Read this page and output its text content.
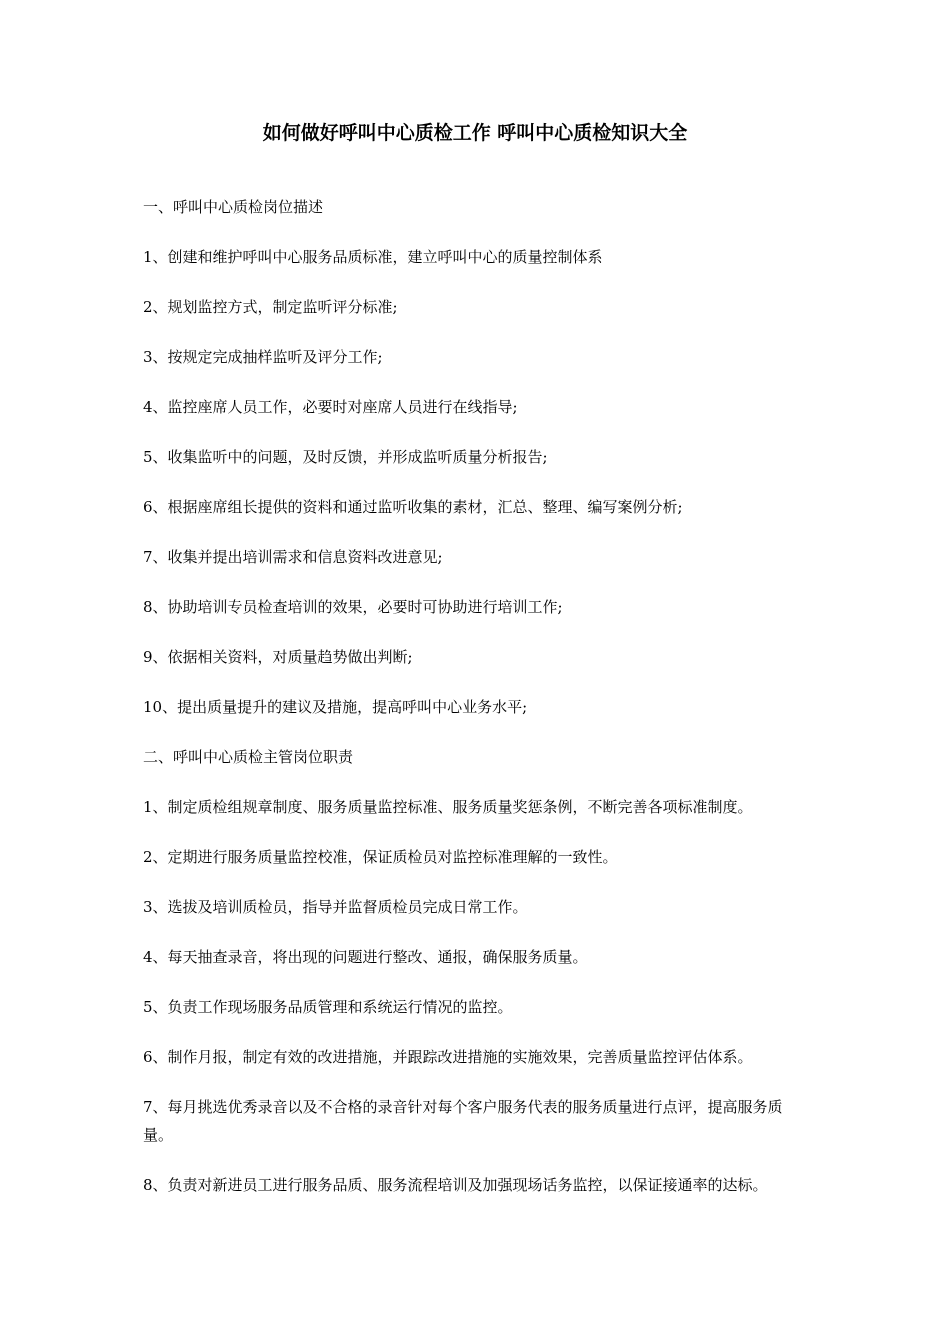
如何做好呼叫中心质检工作 呼叫中心质检知识大全

一、呼叫中心质检岗位描述

1、创建和维护呼叫中心服务品质标准，建立呼叫中心的质量控制体系

2、规划监控方式，制定监听评分标准;

3、按规定完成抽样监听及评分工作;

4、监控座席人员工作，必要时对座席人员进行在线指导;

5、收集监听中的问题，及时反馈，并形成监听质量分析报告;

6、根据座席组长提供的资料和通过监听收集的素材，汇总、整理、编写案例分析;

7、收集并提出培训需求和信息资料改进意见;

8、协助培训专员检查培训的效果，必要时可协助进行培训工作;

9、依据相关资料，对质量趋势做出判断;

10、提出质量提升的建议及措施，提高呼叫中心业务水平;

二、呼叫中心质检主管岗位职责

1、制定质检组规章制度、服务质量监控标准、服务质量奖惩条例，不断完善各项标准制度。

2、定期进行服务质量监控校准，保证质检员对监控标准理解的一致性。

3、选拔及培训质检员，指导并监督质检员完成日常工作。

4、每天抽查录音，将出现的问题进行整改、通报，确保服务质量。

5、负责工作现场服务品质管理和系统运行情况的监控。

6、制作月报，制定有效的改进措施，并跟踪改进措施的实施效果，完善质量监控评估体系。

7、每月挑选优秀录音以及不合格的录音针对每个客户服务代表的服务质量进行点评，提高服务质量。

8、负责对新进员工进行服务品质、服务流程培训及加强现场话务监控，以保证接通率的达标。
